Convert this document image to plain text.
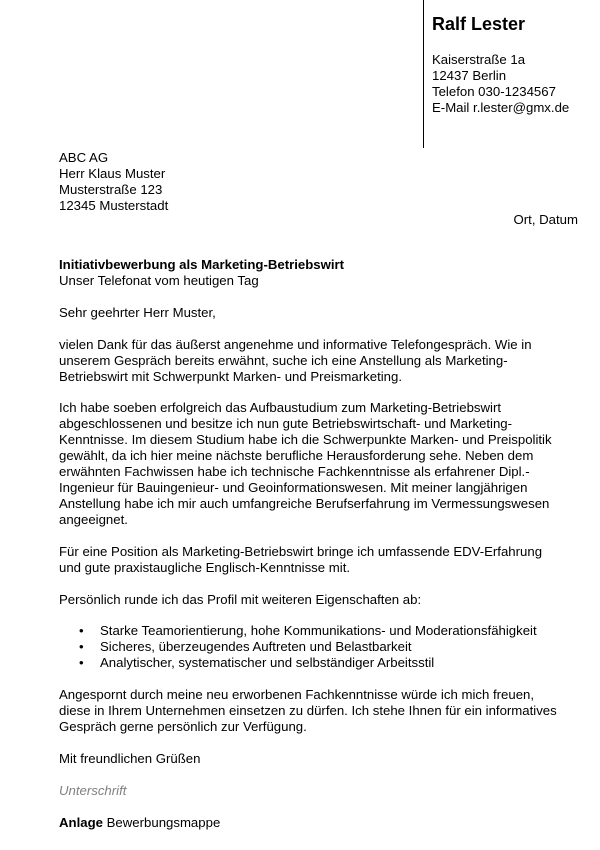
Ralf Lester
Kaiserstraße 1a
12437 Berlin
Telefon 030-1234567
E-Mail r.lester@gmx.de
ABC AG
Herr Klaus Muster
Musterstraße 123
12345 Musterstadt
Ort, Datum
Initiativbewerbung als Marketing-Betriebswirt
Unser Telefonat vom heutigen Tag
Sehr geehrter Herr Muster,
vielen Dank für das äußerst angenehme und informative Telefongespräch. Wie in
unserem Gespräch bereits erwähnt, suche ich eine Anstellung als Marketing-
Betriebswirt mit Schwerpunkt Marken- und Preismarketing.
Ich habe soeben erfolgreich das Aufbaustudium zum Marketing-Betriebswirt
abgeschlossenen und besitze ich nun gute Betriebswirtschaft- und Marketing-
Kenntnisse. Im diesem Studium habe ich die Schwerpunkte Marken- und Preispolitik
gewählt, da ich hier meine nächste berufliche Herausforderung sehe. Neben dem
erwähnten Fachwissen habe ich technische Fachkenntnisse als erfahrener Dipl.-
Ingenieur für Bauingenieur- und Geoinformationswesen. Mit meiner langjährigen
Anstellung habe ich mir auch umfangreiche Berufserfahrung im Vermessungswesen
angeeignet.
Für eine Position als Marketing-Betriebswirt bringe ich umfassende EDV-Erfahrung
und gute praxistaugliche Englisch-Kenntnisse mit.
Persönlich runde ich das Profil mit weiteren Eigenschaften ab:
• Starke Teamorientierung, hohe Kommunikations- und Moderationsfähigkeit
• Sicheres, überzeugendes Auftreten und Belastbarkeit
• Analytischer, systematischer und selbständiger Arbeitsstil
Angespornt durch meine neu erworbenen Fachkenntnisse würde ich mich freuen,
diese in Ihrem Unternehmen einsetzen zu dürfen. Ich stehe Ihnen für ein informatives
Gespräch gerne persönlich zur Verfügung.
Mit freundlichen Grüßen
Unterschrift
Anlage Bewerbungsmappe
